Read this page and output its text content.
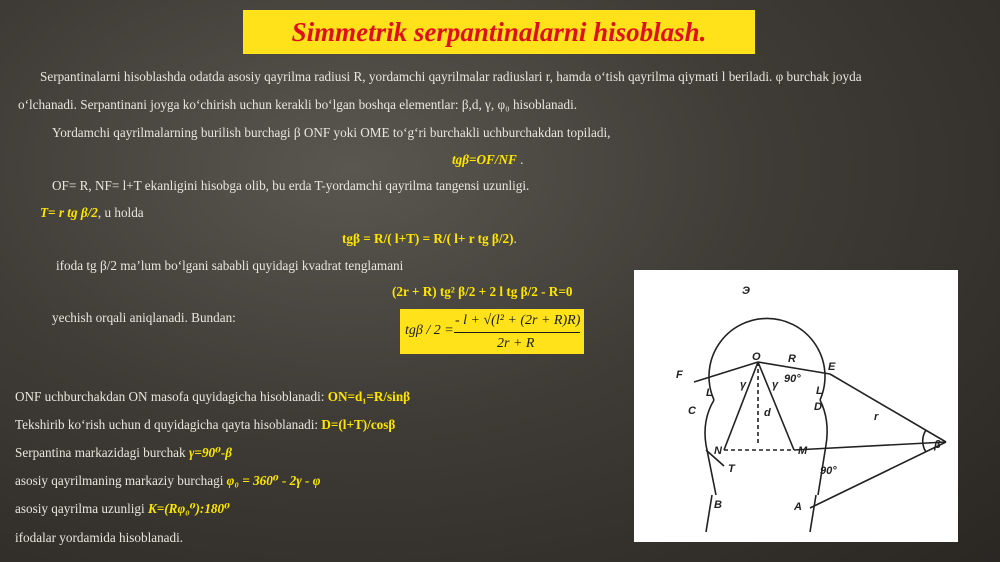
Simmetrik serpantinalarni hisoblash.
Serpantinalarni hisoblashda odatda asosiy qayrilma radiusi R, yordamchi qayrilmalar radiuslari r, hamda o‘tish qayrilma qiymati l beriladi. φ burchak joyda
o‘lchanadi. Serpantinani joyga ko‘chirish uchun kerakli bo‘lgan boshqa elementlar: β,d, γ, φ₀ hisoblanadi.
Yordamchi qayrilmalarning burilish burchagi β ONF yoki OME to‘g‘ri burchakli uchburchakdan topiladi,
tgβ=OF/NF .
OF= R, NF= l+T ekanligini hisobga olib, bu erda T-yordamchi qayrilma tangensi uzunligi.
T= r tg β/2, u holda
tgβ = R/( l+T) = R/( l+ r tg β/2).
ifoda tg β/2 ma’lum bo‘lgani sababli quyidagi kvadrat tenglamani
(2r + R) tg² β/2 + 2 l tg β/2 - R=0
yechish orqali aniqlanadi. Bundan:
tgβ / 2 =
- l + √(l² + (2r + R)R)
2r + R
ONF uchburchakdan ON masofa quyidagicha hisoblanadi: ON=d₁=R/sinβ
Tekshirib ko‘rish uchun d quyidagicha qayta hisoblanadi: D=(l+T)/cosβ
Serpantina markazidagi burchak γ=90⁰-β
asosiy qayrilmaning markaziy burchagi φ₀ = 360⁰ - 2γ - φ
asosiy qayrilma uzunligi K=(Rφ₀⁰):180⁰
ifodalar yordamida hisoblanadi.
Э
O R
F
E
C
L
D
L
γ γ
d	r
β
N	M
T
B	A
90°
90°
